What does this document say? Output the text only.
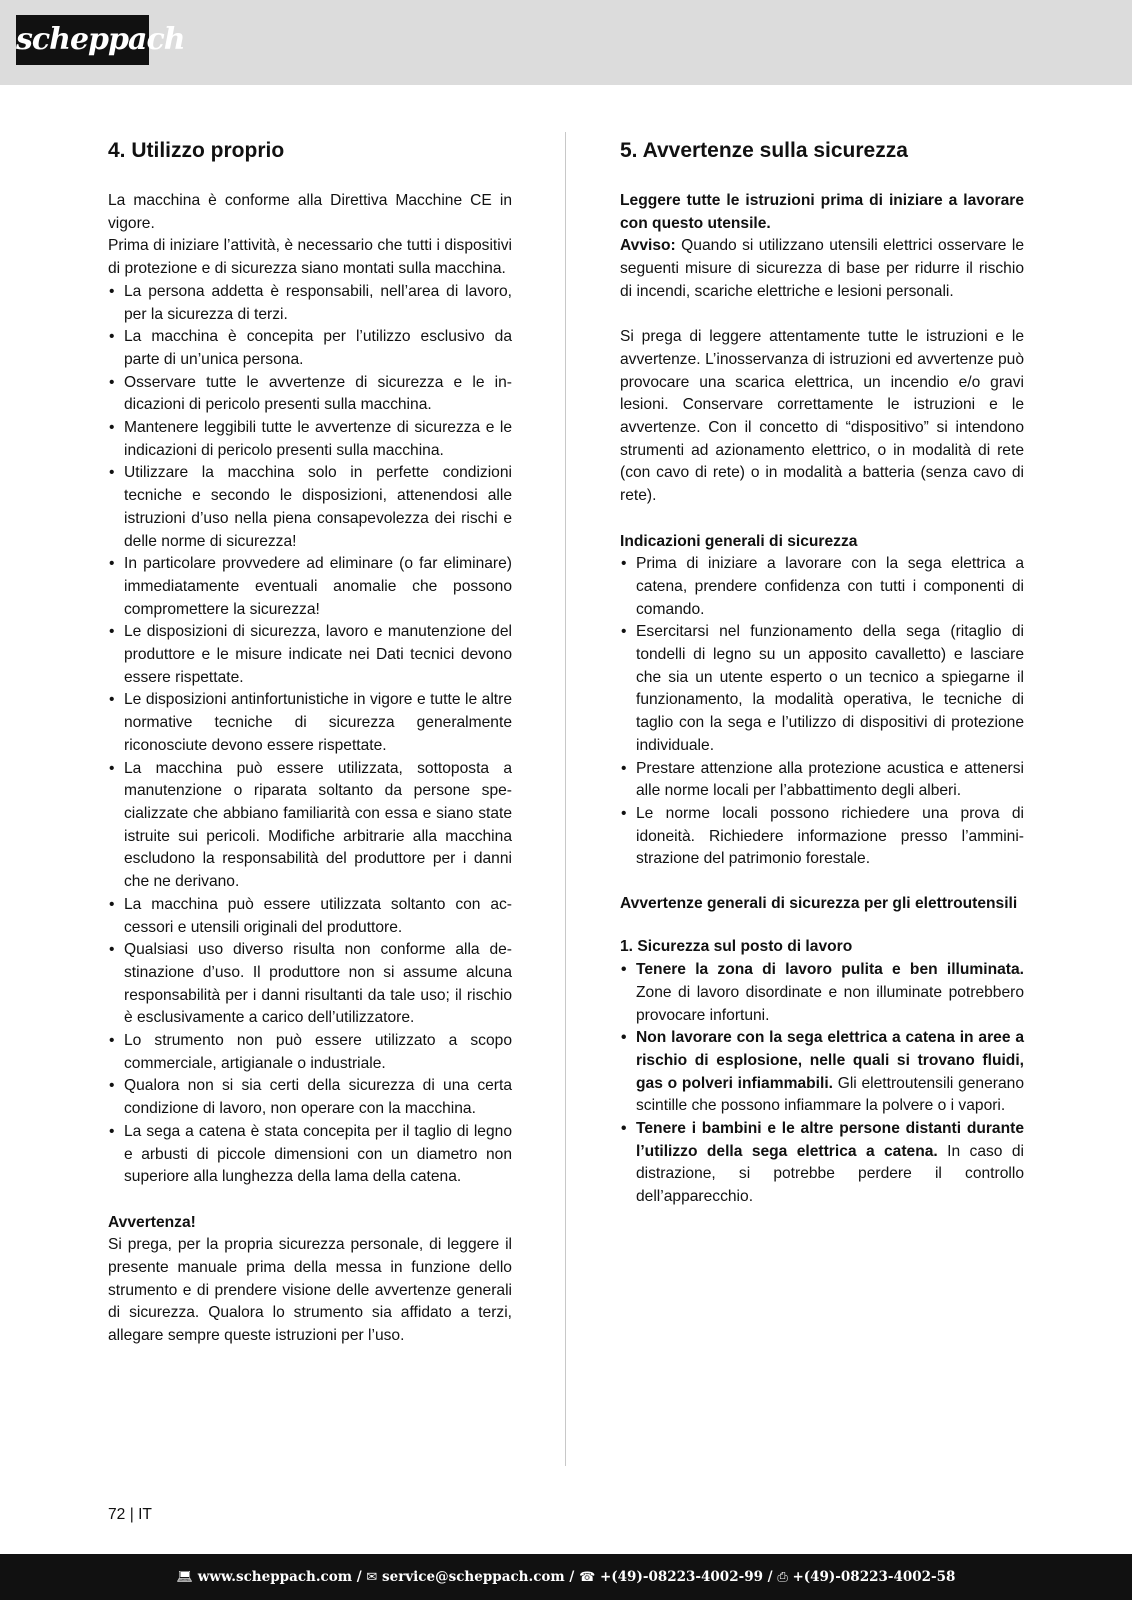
scheppach
4. Utilizzo proprio

La macchina è conforme alla Direttiva Macchine CE in vigore.

Prima di iniziare l’attività, è necessario che tutti i dispositivi di protezione e di sicurezza siano montati sulla macchina.

• La persona addetta è responsabili, nell’area di lavoro, per la sicurezza di terzi.
• La macchina è concepita per l’utilizzo esclusivo da parte di un’unica persona.
• Osservare tutte le avvertenze di sicurezza e le indicazioni di pericolo presenti sulla macchina.
• Mantenere leggibili tutte le avvertenze di sicurezza e le indicazioni di pericolo presenti sulla macchina.
• Utilizzare la macchina solo in perfette condizioni tecniche e secondo le disposizioni, attenendosi alle istruzioni d’uso nella piena consapevolezza dei rischi e delle norme di sicurezza!
• In particolare provvedere ad eliminare (o far eliminare) immediatamente eventuali anomalie che possono compromettere la sicurezza!
• Le disposizioni di sicurezza, lavoro e manutenzione del produttore e le misure indicate nei Dati tecnici devono essere rispettate.
• Le disposizioni antinfortunistiche in vigore e tutte le altre normative tecniche di sicurezza generalmente riconosciute devono essere rispettate.
• La macchina può essere utilizzata, sottoposta a manutenzione o riparata soltanto da persone specializzate che abbiano familiarità con essa e siano state istruite sui pericoli. Modifiche arbitrarie alla macchina escludono la responsabilità del produttore per i danni che ne derivano.
• La macchina può essere utilizzata soltanto con accessori e utensili originali del produttore.
• Qualsiasi uso diverso risulta non conforme alla destinazione d’uso. Il produttore non si assume alcuna responsabilità per i danni risultanti da tale uso; il rischio è esclusivamente a carico dell’utilizzatore.
• Lo strumento non può essere utilizzato a scopo commerciale, artigianale o industriale.
• Qualora non si sia certi della sicurezza di una certa condizione di lavoro, non operare con la macchina.
• La sega a catena è stata concepita per il taglio di legno e arbusti di piccole dimensioni con un diametro non superiore alla lunghezza della lama della catena.

Avvertenza!

Si prega, per la propria sicurezza personale, di leggere il presente manuale prima della messa in funzione dello strumento e di prendere visione delle avvertenze generali di sicurezza. Qualora lo strumento sia affidato a terzi, allegare sempre queste istruzioni per l’uso.

5. Avvertenze sulla sicurezza

Leggere tutte le istruzioni prima di iniziare a lavorare con questo utensile.

Avviso: Quando si utilizzano utensili elettrici osservare le seguenti misure di sicurezza di base per ridurre il rischio di incendi, scariche elettriche e lesioni personali.

Si prega di leggere attentamente tutte le istruzioni e le avvertenze. L’inosservanza di istruzioni ed avvertenze può provocare una scarica elettrica, un incendio e/o gravi lesioni. Conservare correttamente le istruzioni e le avvertenze. Con il concetto di “dispositivo” si intendono strumenti ad azionamento elettrico, o in modalità di rete (con cavo di rete) o in modalità a batteria (senza cavo di rete).

Indicazioni generali di sicurezza

• Prima di iniziare a lavorare con la sega elettrica a catena, prendere confidenza con tutti i componenti di comando.
• Esercitarsi nel funzionamento della sega (ritaglio di tondelli di legno su un apposito cavalletto) e lasciare che sia un utente esperto o un tecnico a spiegarne il funzionamento, la modalità operativa, le tecniche di taglio con la sega e l’utilizzo di dispositivi di protezione individuale.
• Prestare attenzione alla protezione acustica e attenersi alle norme locali per l’abbattimento degli alberi.
• Le norme locali possono richiedere una prova di idoneità. Richiedere informazione presso l’amministrazione del patrimonio forestale.

Avvertenze generali di sicurezza per gli elettroutensili

1. Sicurezza sul posto di lavoro

• Tenere la zona di lavoro pulita e ben illuminata. Zone di lavoro disordinate e non illuminate potrebbero provocare infortuni.
• Non lavorare con la sega elettrica a catena in aree a rischio di esplosione, nelle quali si trovano fluidi, gas o polveri infiammabili. Gli elettroutensili generano scintille che possono infiammare la polvere o i vapori.
• Tenere i bambini e le altre persone distanti durante l’utilizzo della sega elettrica a catena. In caso di distrazione, si potrebbe perdere il controllo dell’apparecchio.
72 | IT
💻︎ www.scheppach.com / ✉ service@scheppach.com / ☎ +(49)-08223-4002-99 / ⎙ +(49)-08223-4002-58
